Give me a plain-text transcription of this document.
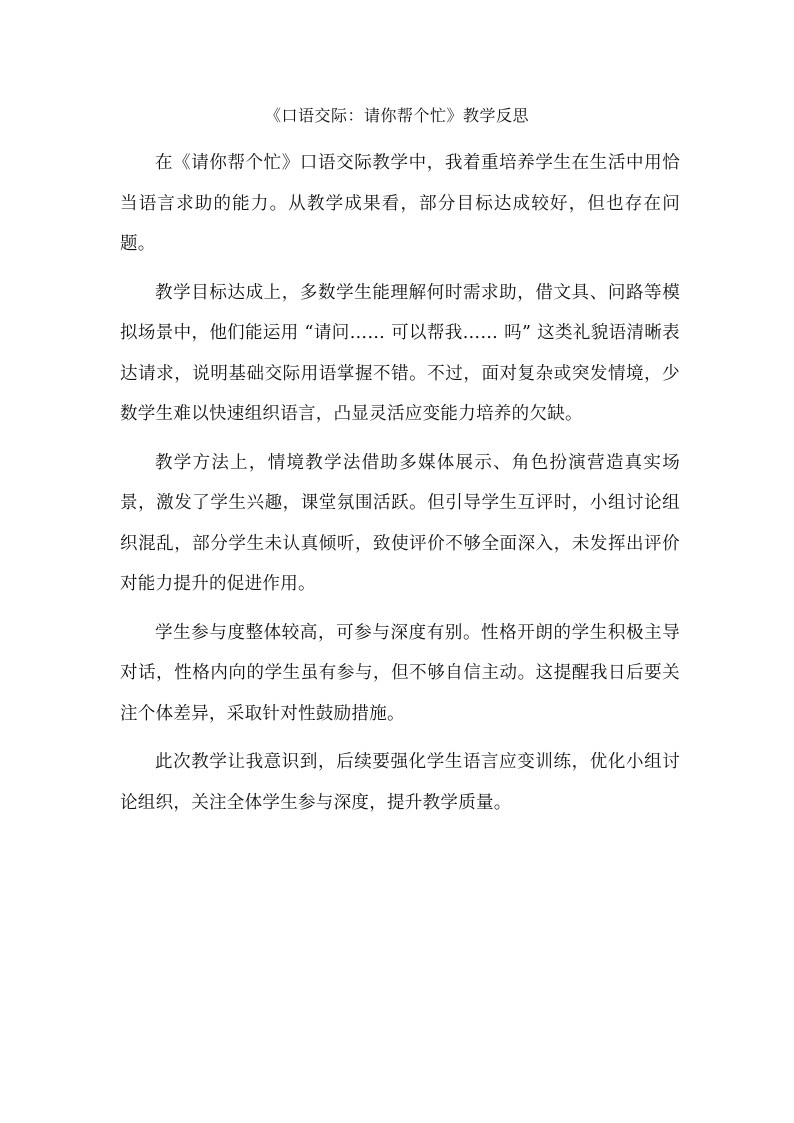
《口语交际：请你帮个忙》教学反思

在《请你帮个忙》口语交际教学中，我着重培养学生在生活中用恰当语言求助的能力。从教学成果看，部分目标达成较好，但也存在问题。

教学目标达成上，多数学生能理解何时需求助，借文具、问路等模拟场景中，他们能运用 “请问…… 可以帮我…… 吗” 这类礼貌语清晰表达请求，说明基础交际用语掌握不错。不过，面对复杂或突发情境，少数学生难以快速组织语言，凸显灵活应变能力培养的欠缺。

教学方法上，情境教学法借助多媒体展示、角色扮演营造真实场景，激发了学生兴趣，课堂氛围活跃。但引导学生互评时，小组讨论组织混乱，部分学生未认真倾听，致使评价不够全面深入，未发挥出评价对能力提升的促进作用。

学生参与度整体较高，可参与深度有别。性格开朗的学生积极主导对话，性格内向的学生虽有参与，但不够自信主动。这提醒我日后要关注个体差异，采取针对性鼓励措施。

此次教学让我意识到，后续要强化学生语言应变训练，优化小组讨论组织，关注全体学生参与深度，提升教学质量。
